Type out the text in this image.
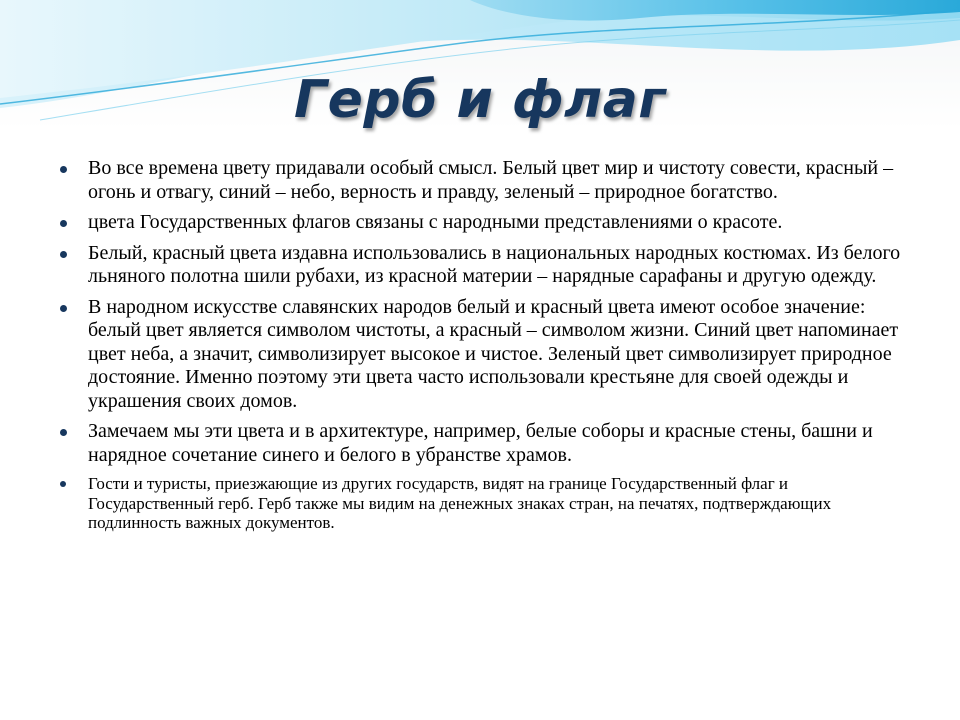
Герб и флаг
Во все времена цвету придавали особый смысл. Белый цвет мир и чистоту совести, красный – огонь и отвагу, синий – небо, верность и правду, зеленый – природное богатство.
цвета Государственных флагов связаны с народными представлениями о красоте.
Белый, красный цвета издавна использовались в национальных народных костюмах. Из белого льняного полотна шили рубахи, из красной материи – нарядные сарафаны и другую одежду.
В народном искусстве славянских народов белый и красный цвета имеют особое значение: белый цвет является символом чистоты, а красный – символом жизни. Синий цвет напоминает цвет неба, а значит, символизирует высокое и чистое. Зеленый цвет символизирует природное достояние. Именно поэтому эти цвета часто использовали крестьяне для своей одежды и украшения своих домов.
Замечаем мы эти цвета и в архитектуре, например, белые соборы и красные стены, башни и нарядное сочетание синего и белого в убранстве храмов.
Гости и туристы, приезжающие из других государств, видят на границе Государственный флаг и Государственный герб. Герб также мы видим на денежных знаках стран, на печатях, подтверждающих подлинность важных документов.
